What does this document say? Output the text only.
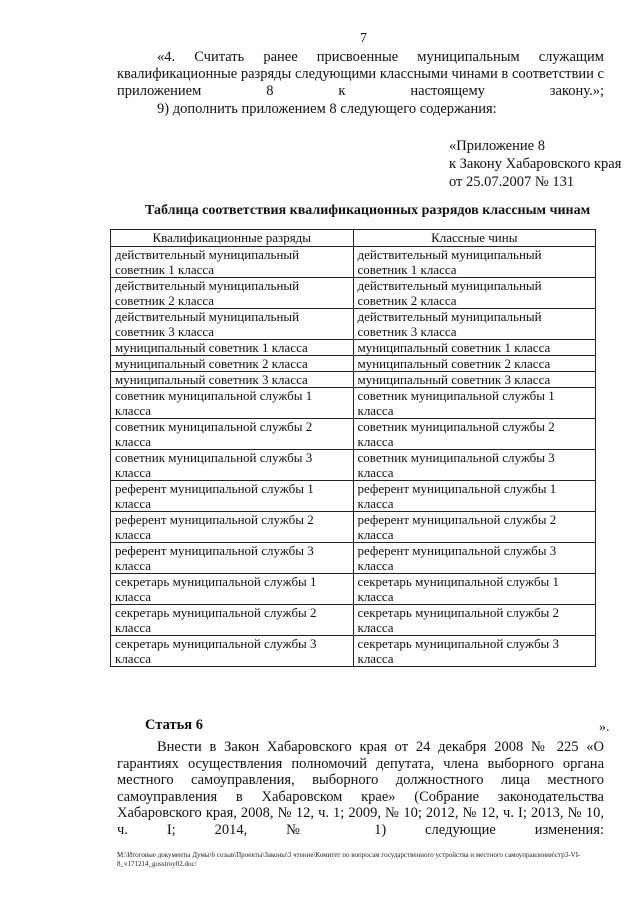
7
«4. Считать ранее присвоенные муниципальным служащим квалификационные разряды следующими классными чинами в соответствии с приложением 8 к настоящему закону.»;
9) дополнить приложением 8 следующего содержания:
«Приложение 8
к Закону Хабаровского края
от 25.07.2007 № 131
Таблица соответствия квалификационных разрядов классным чинам
Квалификационные разряды	Классные чины
действительный муниципальный советник 1 класса	действительный муниципальный советник 1 класса
действительный муниципальный советник 2 класса	действительный муниципальный советник 2 класса
действительный муниципальный советник 3 класса	действительный муниципальный советник 3 класса
муниципальный советник 1 класса	муниципальный советник 1 класса
муниципальный советник 2 класса	муниципальный советник 2 класса
муниципальный советник 3 класса	муниципальный советник 3 класса
советник муниципальной службы 1 класса	советник муниципальной службы 1 класса
советник муниципальной службы 2 класса	советник муниципальной службы 2 класса
советник муниципальной службы 3 класса	советник муниципальной службы 3 класса
референт муниципальной службы 1 класса	референт муниципальной службы 1 класса
референт муниципальной службы 2 класса	референт муниципальной службы 2 класса
референт муниципальной службы 3 класса	референт муниципальной службы 3 класса
секретарь муниципальной службы 1 класса	секретарь муниципальной службы 1 класса
секретарь муниципальной службы 2 класса	секретарь муниципальной службы 2 класса
секретарь муниципальной службы 3 класса	секретарь муниципальной службы 3 класса
».
Статья 6
Внести в Закон Хабаровского края от 24 декабря 2008 № 225 «О гарантиях осуществления полномочий депутата, члена выборного органа местного самоуправления, выборного должностного лица местного самоуправления в Хабаровском крае» (Собрание законодательства Хабаровского края, 2008, № 12, ч. 1; 2009, № 10; 2012, № 12, ч. I; 2013, № 10, ч. I; 2014, № 1) следующие изменения:
M:\Итоговые документы Думы\6 созыв\Проекты\Законы\3 чтение\Комитет по вопросам государственного устройства и местного самоуправления\стр3-VI-8_v171214_gosstroy02.doc/
